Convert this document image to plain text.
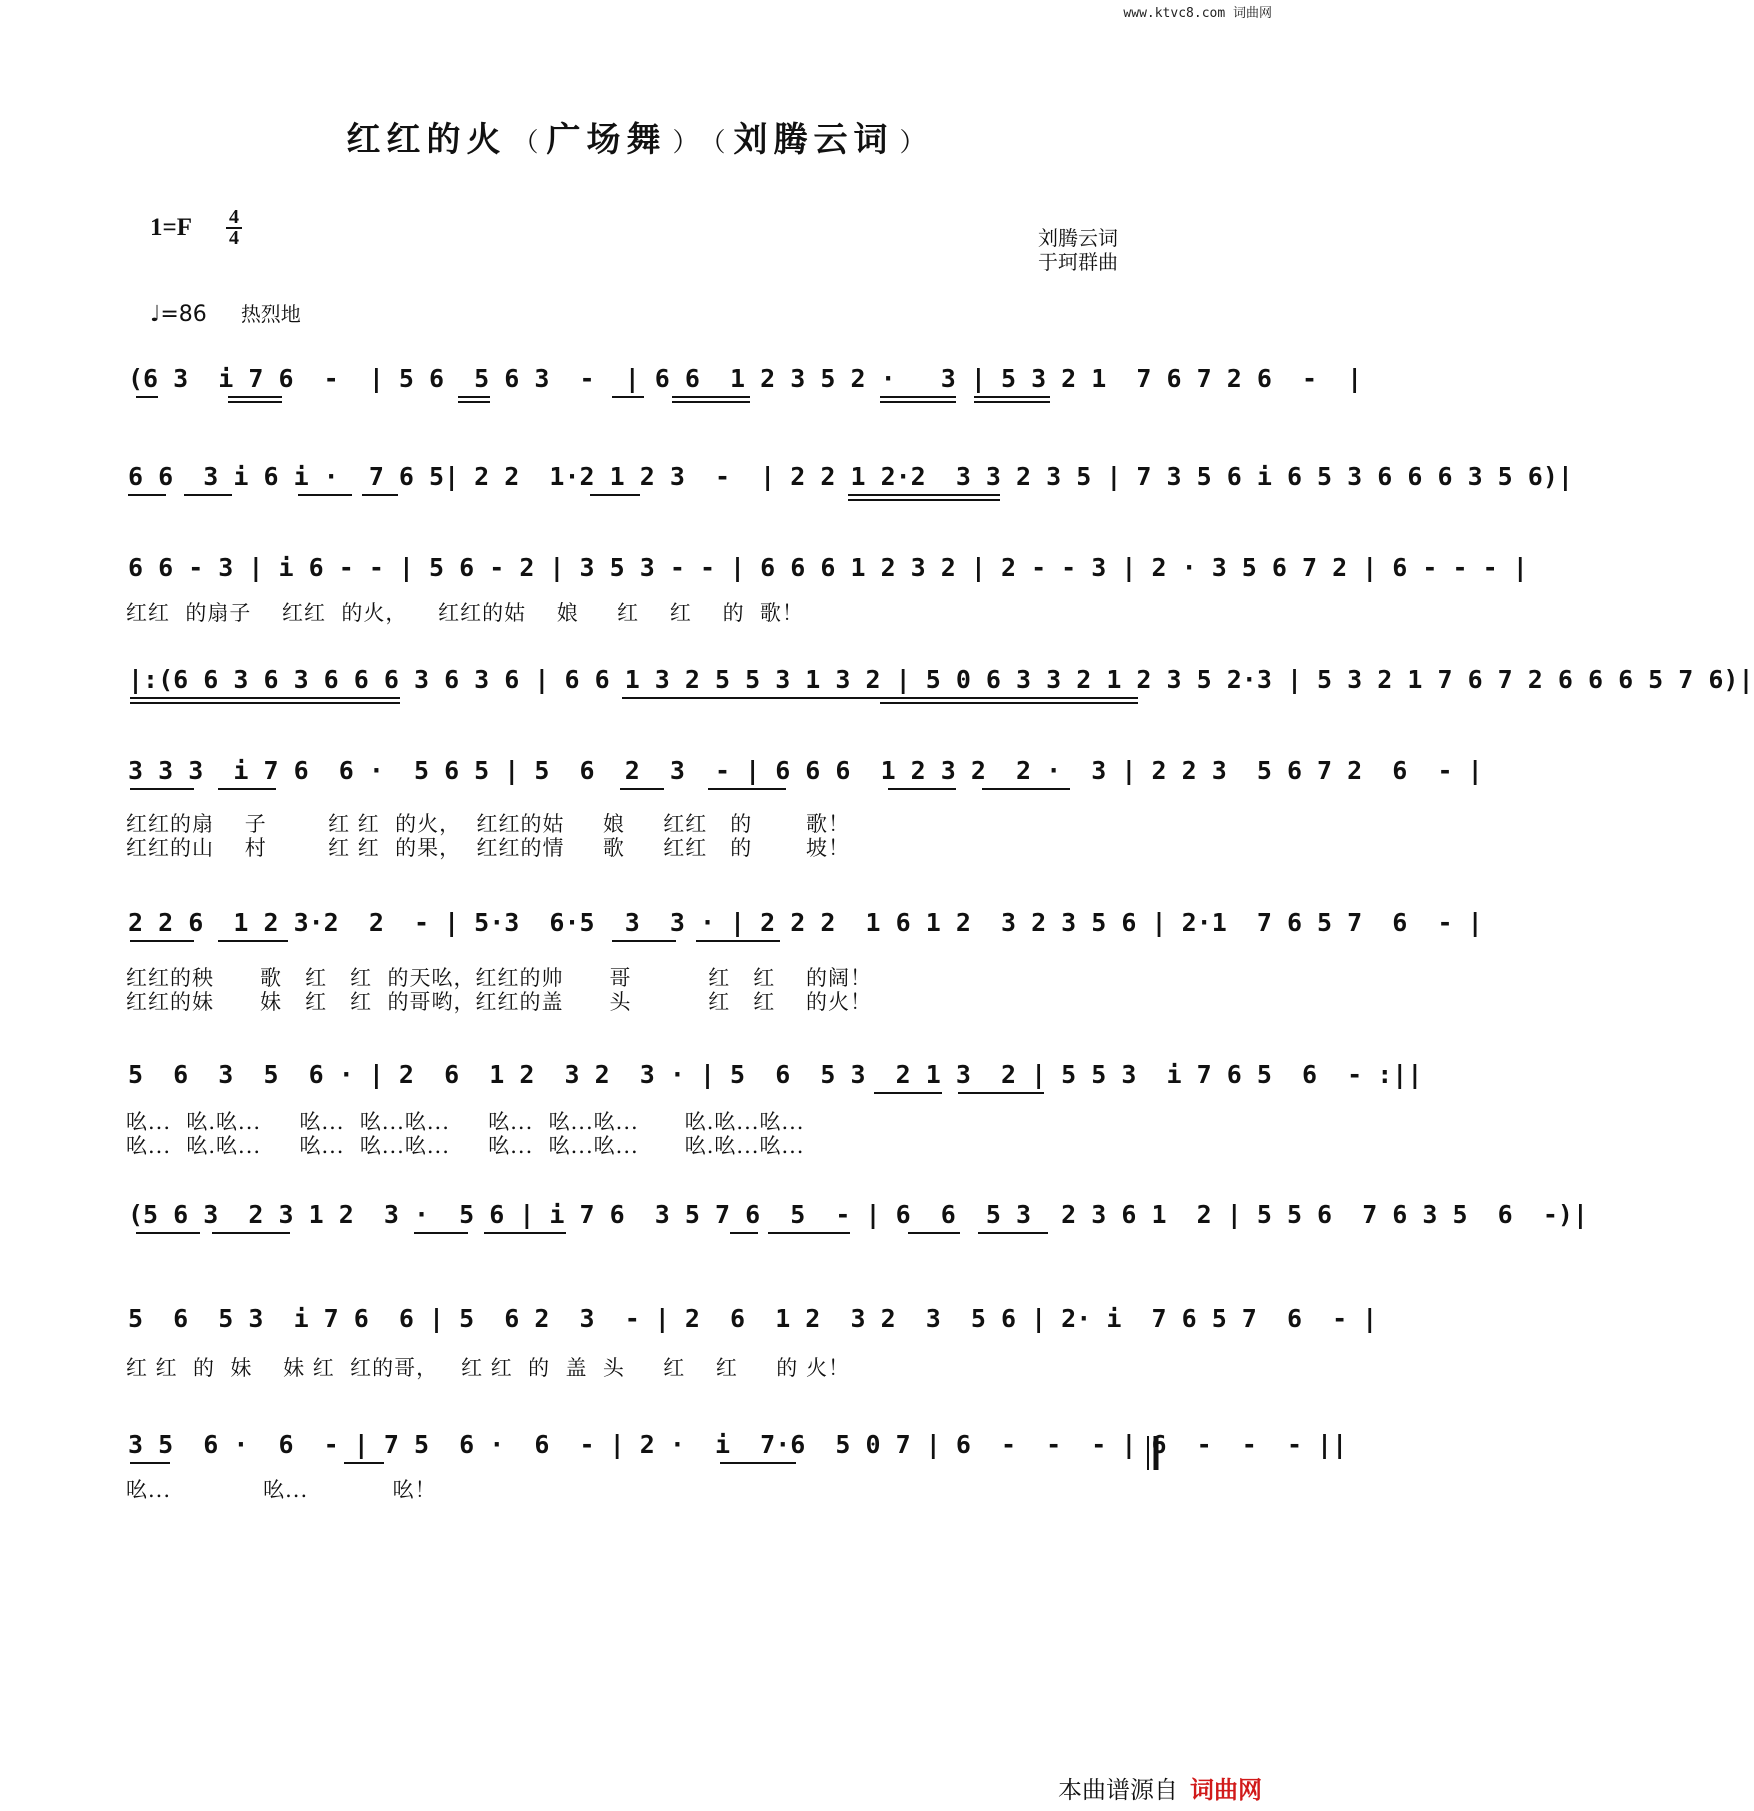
www.ktvc8.com 词曲网
红红的火 （ 广场舞 ） （ 刘腾云词 ）
1=F 4
4	刘腾云词
于珂群曲
♩=86 热烈地
(6 3  i 7 6  -  | 5 6  5 6 3  -  | 6 6  1 2 3 5 2 ·   3 | 5 3 2 1  7 6 7 2 6  -  |
6 6  3 i 6 i ·  7 6 5| 2 2  1·2 1 2 3  -  | 2 2 1 2·2  3 3 2 3 5 | 7 3 5 6 i 6 5 3 6 6 6 3 5 6)|
6 6 - 3 | i 6 - - | 5 6 - 2 | 3 5 3 - - | 6 6 6 1 2 3 2 | 2 - - 3 | 2 · 3 5 6 7 2 | 6 - - - |
红红  的扇子    红红  的火，    红红的姑    娘     红    红    的  歌！
|:(6 6 3 6 3 6 6 6 3 6 3 6 | 6 6 1 3 2 5 5 3 1 3 2 | 5 0 6 3 3 2 1 2 3 5 2·3 | 5 3 2 1 7 6 7 2 6 6 6 5 7 6)|
3 3 3  i 7 6  6 ·  5 6 5 | 5  6  2  3  - | 6 6 6  1 2 3 2  2 ·  3 | 2 2 3  5 6 7 2  6  - |
红红的扇    子        红 红  的火，  红红的姑     娘     红红   的       歌！
红红的山    村        红 红  的果，  红红的情     歌     红红   的       坡！
2 2 6  1 2 3·2  2  - | 5·3  6·5  3  3 · | 2 2 2  1 6 1 2  3 2 3 5 6 | 2·1  7 6 5 7  6  - |
红红的秧      歌   红   红  的天吆，红红的帅      哥          红   红    的阔！
红红的妹      妹   红   红  的哥哟，红红的盖      头          红   红    的火！
5  6  3  5  6 · | 2  6  1 2  3 2  3 · | 5  6  5 3  2 1 3  2 | 5 5 3  i 7 6 5  6  - :||
吆...  吆.吆...     吆...  吆...吆...     吆...  吆...吆...      吆.吆...吆...
吆...  吆.吆...     吆...  吆...吆...     吆...  吆...吆...      吆.吆...吆...
(5 6 3  2 3 1 2  3 ·  5 6 | i 7 6  3 5 7 6  5  - | 6  6  5 3  2 3 6 1  2 | 5 5 6  7 6 3 5  6  -)|
5  6  5 3  i 7 6  6 | 5  6 2  3  - | 2  6  1 2  3 2  3  5 6 | 2· i  7 6 5 7  6  - |
红 红  的  妹    妹 红  红的哥，   红 红  的  盖  头     红    红     的 火！
3 5  6 ·  6  - | 7 5  6 ·  6  - | 2 ·  i  7·6  5 0 7 | 6  -  -  - | 6  -  -  - ||
吆...            吆...           吆！
本曲谱源自 词曲网
